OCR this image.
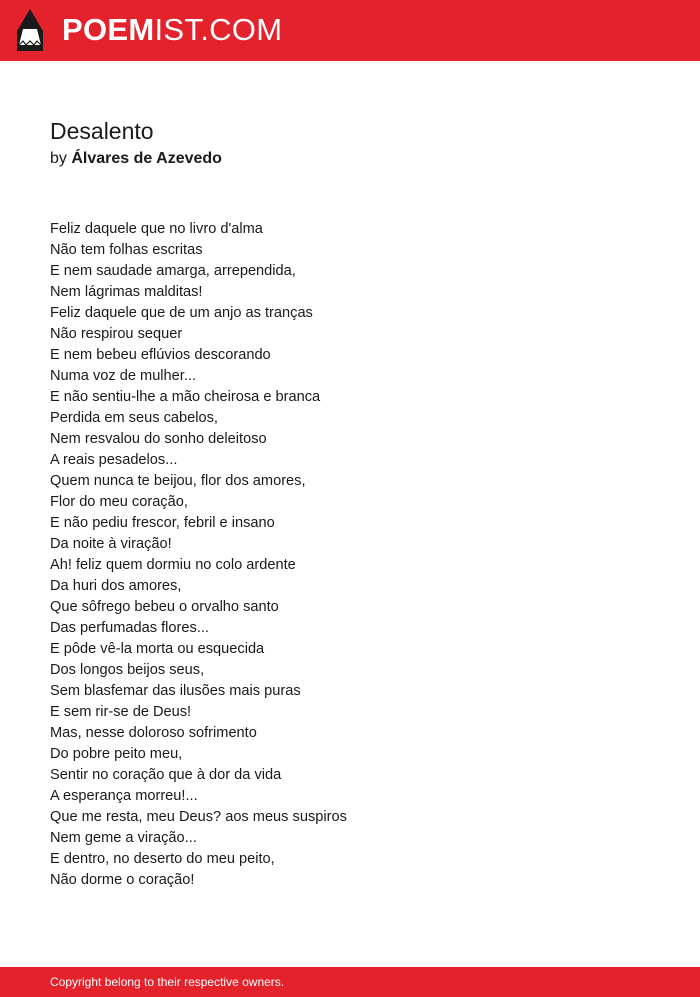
POEMIST.COM
Desalento
by Álvares de Azevedo
Feliz daquele que no livro d'alma
Não tem folhas escritas
E nem saudade amarga, arrependida,
Nem lágrimas malditas!
Feliz daquele que de um anjo as tranças
Não respirou sequer
E nem bebeu eflúvios descorando
Numa voz de mulher...
E não sentiu-lhe a mão cheirosa e branca
Perdida em seus cabelos,
Nem resvalou do sonho deleitoso
A reais pesadelos...
Quem nunca te beijou, flor dos amores,
Flor do meu coração,
E não pediu frescor, febril e insano
Da noite à viração!
Ah! feliz quem dormiu no colo ardente
Da huri dos amores,
Que sôfrego bebeu o orvalho santo
Das perfumadas flores...
E pôde vê-la morta ou esquecida
Dos longos beijos seus,
Sem blasfemar das ilusões mais puras
E sem rir-se de Deus!
Mas, nesse doloroso sofrimento
Do pobre peito meu,
Sentir no coração que à dor da vida
A esperança morreu!...
Que me resta, meu Deus? aos meus suspiros
Nem geme a viração...
E dentro, no deserto do meu peito,
Não dorme o coração!
Copyright belong to their respective owners.
